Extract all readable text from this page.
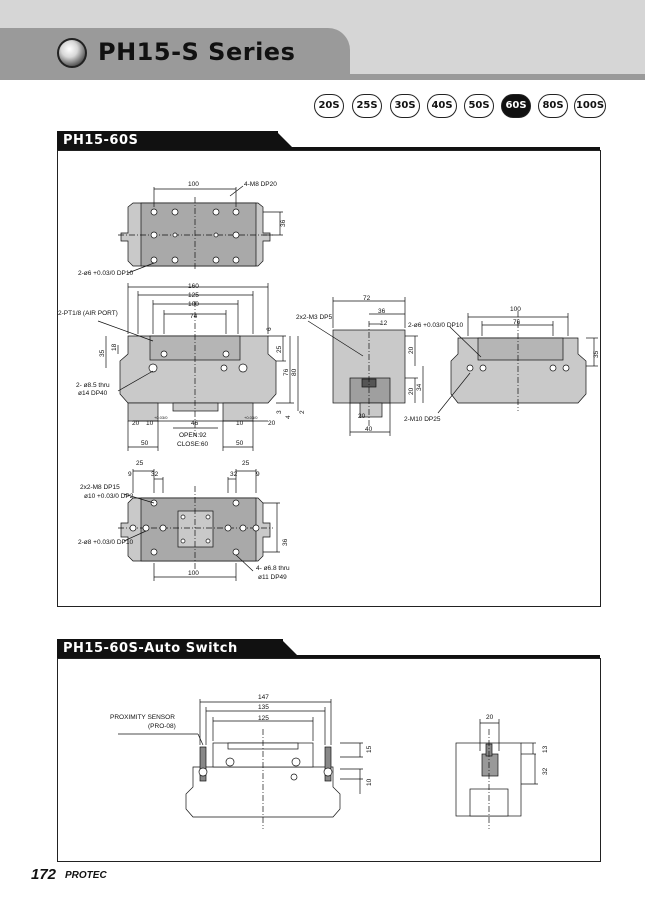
PH15-S Series
20S	25S	30S	40S	50S	60S	80S	100S
PH15-60S
100	4-M8 DP20
36
2-ø6 +0.03/0 DP10
160
125
100
74
2-PT1/8 (AIR PORT)
6
25
76 80
35
18
3
4
2
2- ø8.5 thru
ø14 DP40
20 10
+0.03/0
46	10
+0.03/0
20
50	50
OPEN:92
CLOSE:60
72
36
12
2x2-M3 DP5
20
20
34
20
40
100
76
35
2-ø6 +0.03/0 DP10
2-M10 DP25
25
9	32	32	9
25
36
100
2x2-M8 DP15
ø10 +0.03/0 DP2
2-ø8 +0.03/0 DP10
4- ø6.8 thru
ø11 DP49
PH15-60S-Auto Switch
PROXIMITY SENSOR
(PRO-08)
147
135
125
15
10
20
13
32
172 PROTEC
